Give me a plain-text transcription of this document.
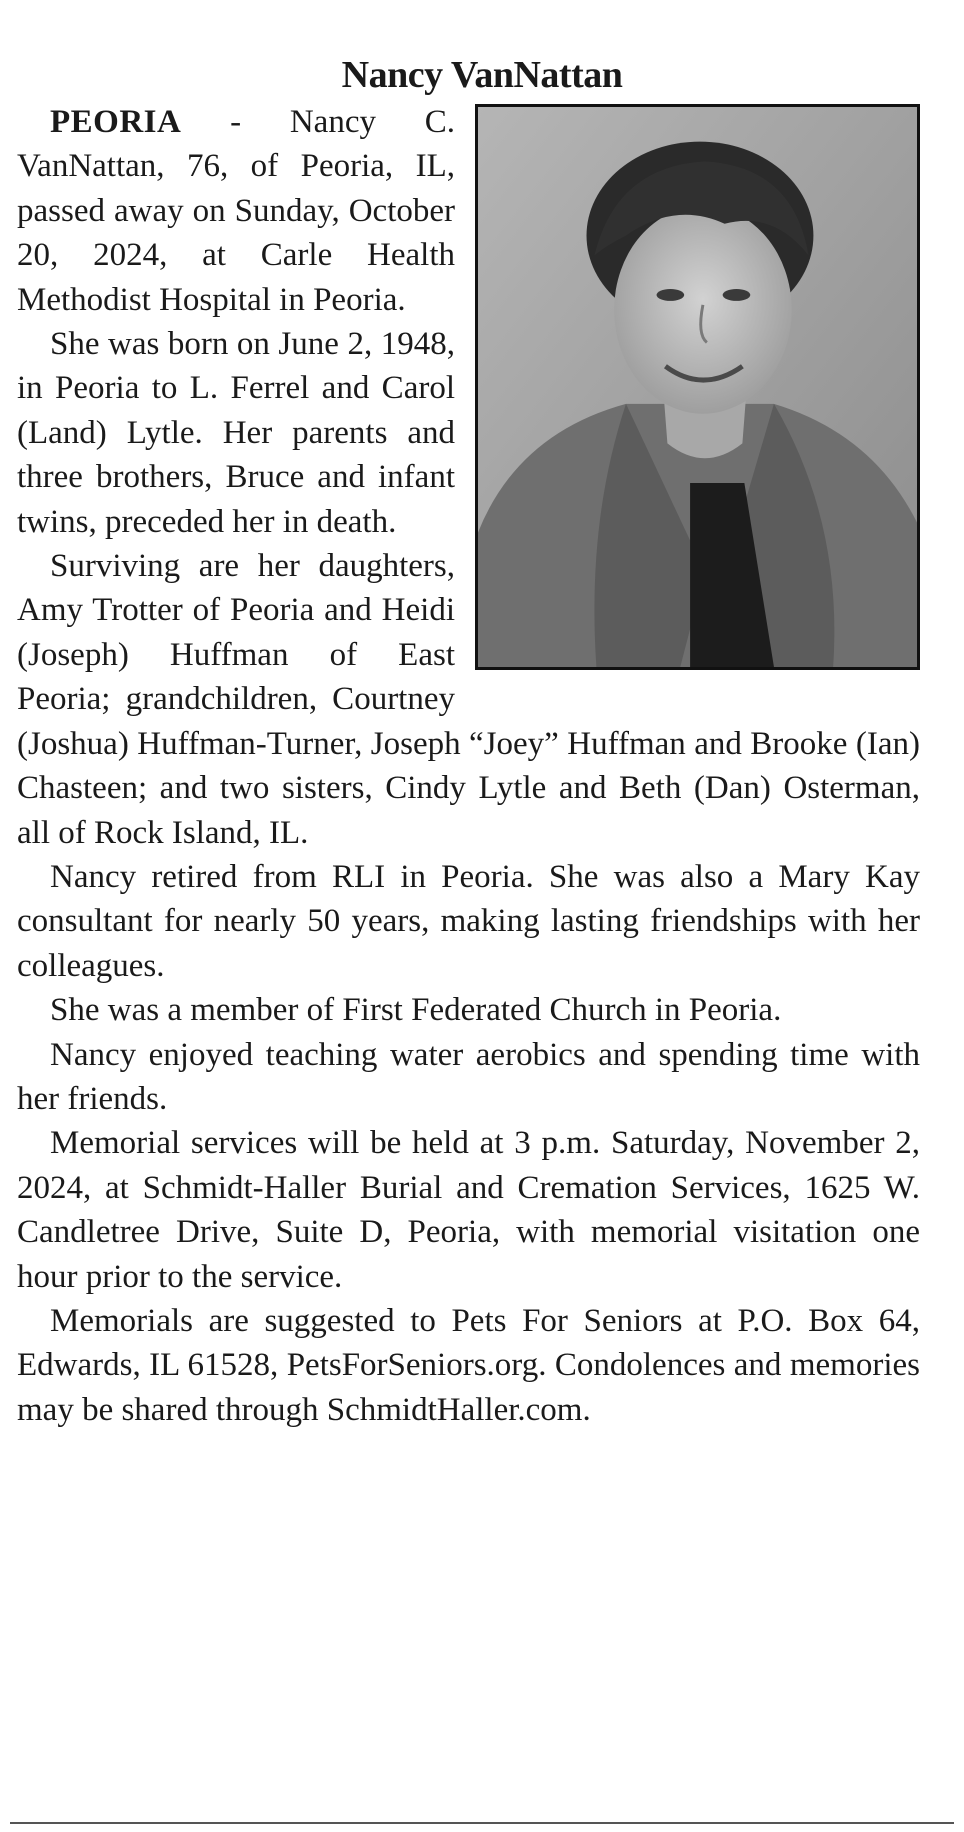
Nancy VanNattan

PEORIA - Nancy C. VanNattan, 76, of Peoria, IL, passed away on Sunday, October 20, 2024, at Carle Health Methodist Hospital in Peoria.

She was born on June 2, 1948, in Peoria to L. Ferrel and Carol (Land) Lytle. Her parents and three brothers, Bruce and infant twins, preceded her in death.

Surviving are her daughters, Amy Trotter of Peoria and Heidi (Joseph) Huffman of East Peoria; grandchildren, Courtney (Joshua) Huffman-Turner, Joseph “Joey” Huffman and Brooke (Ian) Chasteen; and two sisters, Cindy Lytle and Beth (Dan) Osterman, all of Rock Island, IL.

Nancy retired from RLI in Peoria. She was also a Mary Kay consultant for nearly 50 years, making lasting friendships with her colleagues.

She was a member of First Federated Church in Peoria.

Nancy enjoyed teaching water aerobics and spending time with her friends.

Memorial services will be held at 3 p.m. Saturday, November 2, 2024, at Schmidt-Haller Burial and Cremation Services, 1625 W. Candletree Drive, Suite D, Peoria, with memorial visitation one hour prior to the service.

Memorials are suggested to Pets For Seniors at P.O. Box 64, Edwards, IL 61528, PetsForSeniors.org. Condolences and memories may be shared through SchmidtHaller.com.
